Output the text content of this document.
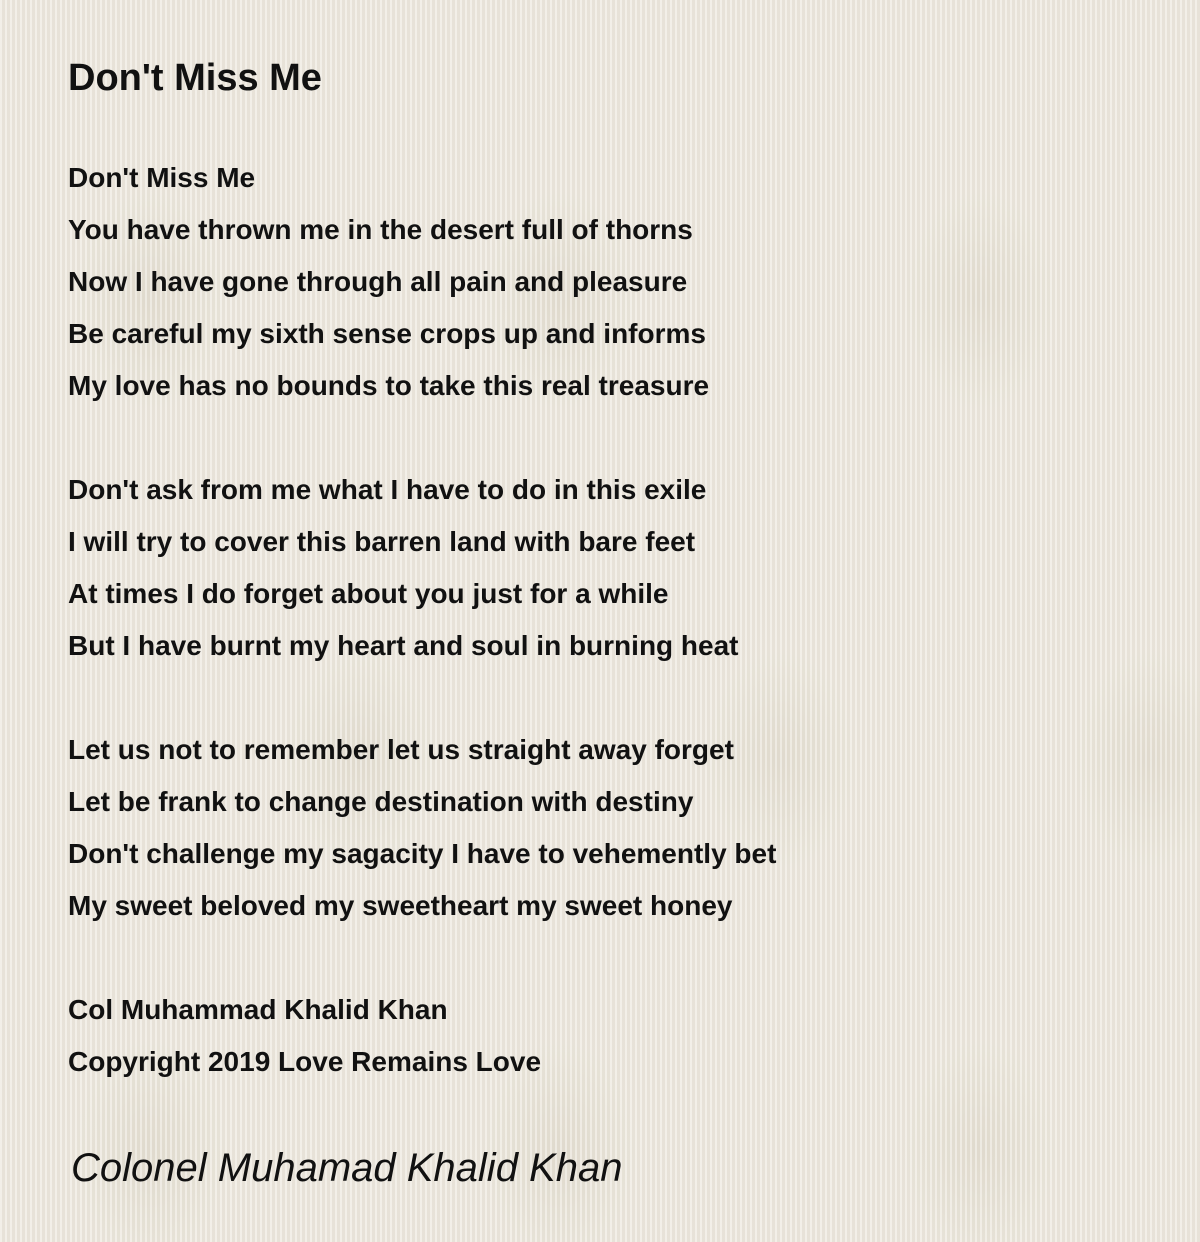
Don't Miss Me
Don't Miss Me
You have thrown me in the desert full of thorns
Now I have gone through all pain and pleasure
Be careful my sixth sense crops up and informs
My love has no bounds to take this real treasure
Don't ask from me what I have to do in this exile
I will try to cover this barren land with bare feet
At times I do forget about you just for a while
But I have burnt my heart and soul in burning heat
Let us not to remember let us straight away forget
Let be frank to change destination with destiny
Don't challenge my sagacity I have to vehemently bet
My sweet beloved my sweetheart my sweet honey
Col Muhammad Khalid Khan
Copyright 2019 Love Remains Love
Colonel Muhamad Khalid Khan
